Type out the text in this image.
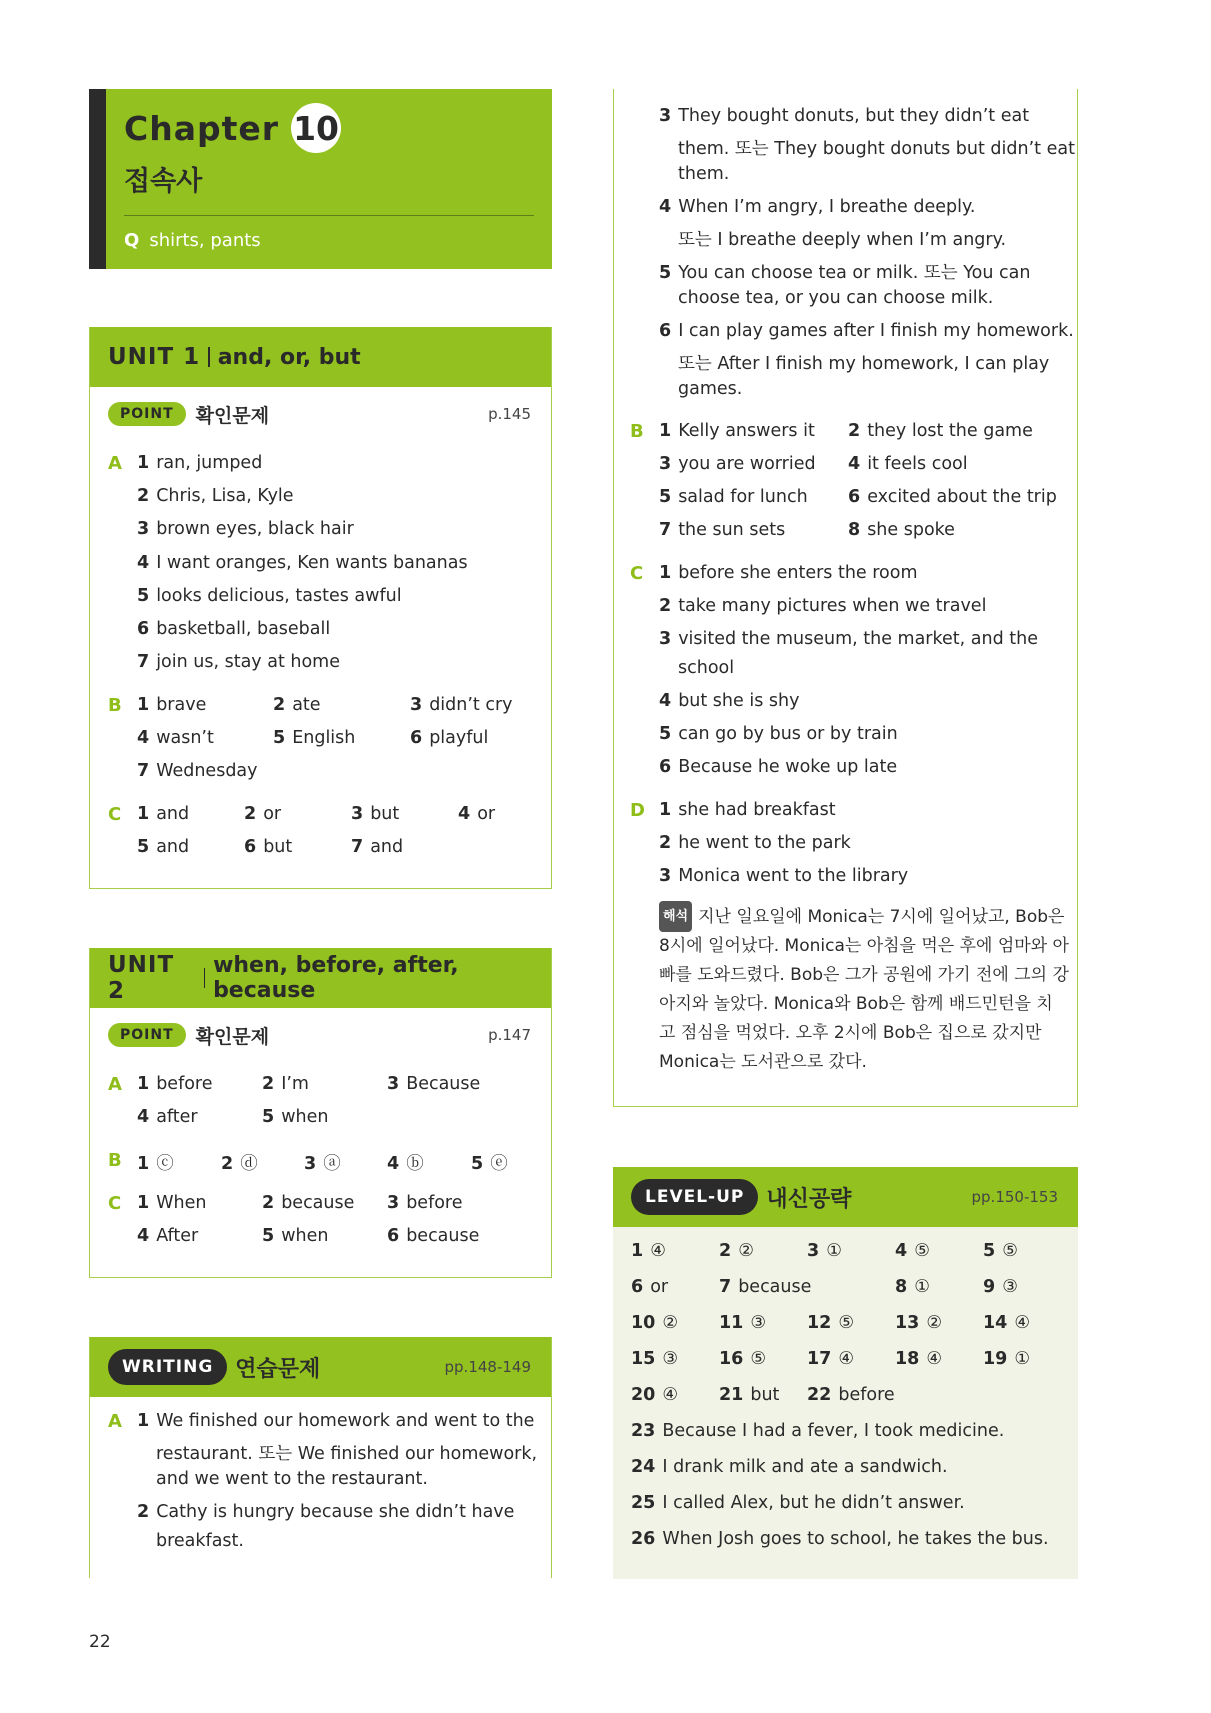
Chapter 10
접속사
Q shirts, pants
UNIT 1 and, or, but
POINT	확인문제	p.145
A 1 ran, jumped
2 Chris, Lisa, Kyle
3 brown eyes, black hair
4 I want oranges, Ken wants bananas
5 looks delicious, tastes awful
6 basketball, baseball
7 join us, stay at home
B 1 brave	2 ate	3 didn’t cry
4 wasn’t	5 English	6 playful
7 Wednesday
C 1 and	2 or	3 but	4 or
5 and	6 but	7 and
UNIT 2
when, before, after, because
POINT	확인문제	p.147
A 1 before	2 I’m	3 Because
4 after	5 when
B 1 ⓒ	2 ⓓ	3 ⓐ	4 ⓑ	5 ⓔ
C 1 When	2 because 3 before
4 After	5 when	6 because
WRITING	연습문제	pp.148-149
A 1 We finished our homework and went to the
restaurant. 또는 We finished our homework,
and we went to the restaurant.
2 Cathy is hungry because she didn’t have
breakfast.
3 They bought donuts, but they didn’t eat
them. 또는 They bought donuts but didn’t eat
them.
4 When I’m angry, I breathe deeply.
또는 I breathe deeply when I’m angry.
5 You can choose tea or milk. 또는 You can
choose tea, or you can choose milk.
6 I can play games after I finish my homework.
또는 After I finish my homework, I can play
games.
B 1 Kelly answers it 2 they lost the game
3 you are worried 4 it feels cool
5 salad for lunch 6 excited about the trip
7 the sun sets	8 she spoke
C 1 before she enters the room
2 take many pictures when we travel
3 visited the museum, the market, and the
school
4 but she is shy
5 can go by bus or by train
6 Because he woke up late
D 1 she had breakfast
2 he went to the park
3 Monica went to the library
해석 지난 일요일에 Monica는 7시에 일어났고, Bob은 8시에 일어났다. Monica는 아침을 먹은 후에 엄마와 아빠를 도와드렸다. Bob은 그가 공원에 가기 전에 그의 강아지와 놀았다. Monica와 Bob은 함께 배드민턴을 치고 점심을 먹었다. 오후 2시에 Bob은 집으로 갔지만 Monica는 도서관으로 갔다.
LEVEL-UP	내신공략	pp.150-153
1 ④	2 ②	3 ①	4 ⑤	5 ⑤
6 or	7 because	8 ①	9 ③
10 ② 11 ③ 12 ⑤ 13 ② 14 ④
15 ③ 16 ⑤ 17 ④ 18 ④ 19 ①
20 ④ 21 but 22 before
23 Because I had a fever, I took medicine.
24 I drank milk and ate a sandwich.
25 I called Alex, but he didn’t answer.
26 When Josh goes to school, he takes the bus.
22
